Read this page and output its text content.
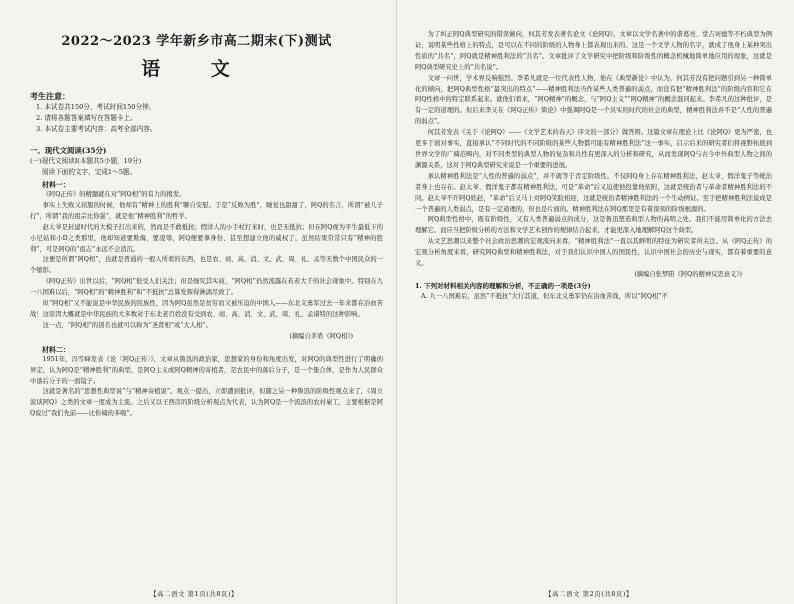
2022～2023 学年新乡市高二期末(下)测试

语 文

考生注意：

1. 本试卷共150分，考试时间150分钟。

2. 请将各题答案填写在答题卡上。

3. 本试卷主要考试内容：高考全部内容。

一、现代文阅读(35分)

(一)现代文阅读Ⅰ(本题共5小题，19分)

阅读下面的文字，完成1～5题。

材料一：

《阿Q正传》的精髓就在对“阿Q相”的有力的揭发。

事实上失败又屈服的时候，他却有“精神上的胜利”聊自安慰。于是“反败为胜”，睡觉也甜甜了，阿Q的名言，所谓“被儿子打”，所谓“我的祖宗比你强”，就是他“精神胜利”的哲学。

赵太爷是封建时代的大模子打出来的，然而是不敢抵抗；假洋人的小手杖打来时，也是无抵抗；但在阿Q视为平生最低下的小尼姑和小D之类那里，他却知道要欺侮，要凌辱，阿Q便要拿身份、甚至想建立他的威权了，虽然结果常常只有“精神的胜利”，可是阿Q的“祖志”永远不会消沉。

这便是所谓“阿Q相”，也就是普通的一般人所看的东西，也是农、商、高、消、文、武、周、礼、孟等无数个中国民众的一个缩影。

《阿Q正传》出世以后，“阿Q相”很受人们关注；但是细究其实质，“阿Q相”仍然流露在若若大千的社会现象中。特别在九一八国难以后，“阿Q相”的“精神胜利”和“不抵抗”总算发挥得淋漓尽致了。

但“阿Q相”又不能说是中华民族的民族性，因为阿Q虽然是贫穷而又被压迫的中国人——东北义勇军过去一年来都在浴血苦战！这原因大概就是中华民族的大多数对于东北老百姓没有受到农、商、高、消、文、武、周、礼、孟诸特的这种影响。

这一点，“阿Q相”的别名也就可以称为“圣贤相”或“大人相”。

(摘编自茅盾《阿Q相》)

材料二：

1951年，冯雪峰发表《论〈阿Q正传〉》，文章从鲁迅的政治家，思想家的身份和角度出发，对阿Q的典型性进行了明确的界定，认为阿Q是“精神胜利”的典型，是阿Q主义或阿Q精神的寄植者，是农民中的落后分子，是一个集合体，是作为人民群众中落后分子的一面镜子。

这就是著名的“思想性典型说”与“精神寄植说”。观点一提出，立即遭到批评，但随之另一种鲁迅的阶级性观点来了，《周立波谈阿Q》之类的文章一度成为主流。之后又以王西彦的阶级分析观点为代表，认为阿Q是一个流浪的农村雇工，主要根据是阿Q说过“我们先前——比你阔的多啦”。

为了纠正阿Q典型研究的错误倾向，何其芳发表著名论文《论阿Q》。文章以文学名著中的谐葛亮、堂吉诃德等不朽典型为例证，说明某些性格上的特点，是可以在不同的阶级的人物身上都表现出来的。这是一个文学人物的名字，就成了他身上某种突出性质的“共名”，阿Q就是精神胜利法的“共名”。文章批评了文学研究中把阶级和阶级性的概念机械地简单地应用的现象，这就是阿Q典型研究史上的“共名说”。

文章一问世，学术界反响强烈。李希凡就是一位代表性人物，他在《典型新论》中认为，何其芳没有把问题引到另一种简单化的倾向，把阿Q典型性格“最突出的特点”——精神胜利法当作某些人类普遍的弱点，而没有把“精神胜利法”的阶级内容和它在阿Q性格中的特定联系起来。就他们看来，“阿Q精神”的概念，与“阿Q主义”“阿Q精神”的概念混同起来。李希凡的这种批评，是有一定的道理的。但后来李又在《阿Q正传》简论》中强调阿Q是一个具实的时代的社会的典型，精神胜利法并不是“人性的普遍的弱点”。

何其芳发表《关于《论阿Q》——《文学艺术的春天》序文的一部分》做答辩。这篇文章在理论上比《论阿Q》更为严密，也更多于面对事实，直接承认“不同时代的不同阶级的某些人物都可能有精神胜利法”这一事实，启示后来的研究者们将视野拓展到世界文学的广阔范畴内，对不同类型的典型人物的复杂和共性有更深入的分析和研究，从而发现阿Q与古今中外典型人物之间的渊源关系，这对于阿Q典型研究来说是一个重要的进展。

承认精神胜利法是“人性的普遍的弱点”，并不就等于否定阶级性。不仅阿Q身上存在精神胜利法，赵太爷、假洋鬼子等统治者身上也存在。赵太爷、假洋鬼子都有精神胜利法，可是“革命”后又迫使他投靠他依附，这就是统治者与革命者精神胜利法的不同。赵太爷不许阿Q姓赵，“革命”后又马上对阿Q笑脸相迎，这就是统治者精神胜利法的一个生动例证。至于把精神胜利法说成是一个普遍的人类弱点，是有一定道理的，但也是片面的。精神胜利法在阿Q那里是有着深刻的阶级根源的。

阿Q典型性格中，既有阶级性，又有人类普遍弱点的成分，这是鲁迅塑造典型人物的高明之处。我们不能用简单化的方法去理解它。而应当把阶级分析的方法和文学艺术创作的规律结合起来，才能更深入地理解阿Q这个典型。

从文艺思潮以来整个社会政治思潮的宏观流向来看，“精神胜利法”一直以其鲜明的特征为研究者所关注。从《阿Q正传》的宏观分析角度来看，研究阿Q典型和精神胜利法，对于我们认识中国人的国民性，认识中国社会的历史与现实，都有着重要的意义。

(摘编自张梦阳《阿Q的精神反思意义》)

1. 下列对材料相关内容的理解和分析，不正确的一项是(3分)

A. 九一八国难后，虽然“不抵抗”大行其道，但东北义勇军仍在浴血苦战，所以“阿Q相”不

【高二语文 第1页(共8页)】	【高二语文 第2页(共8页)】
